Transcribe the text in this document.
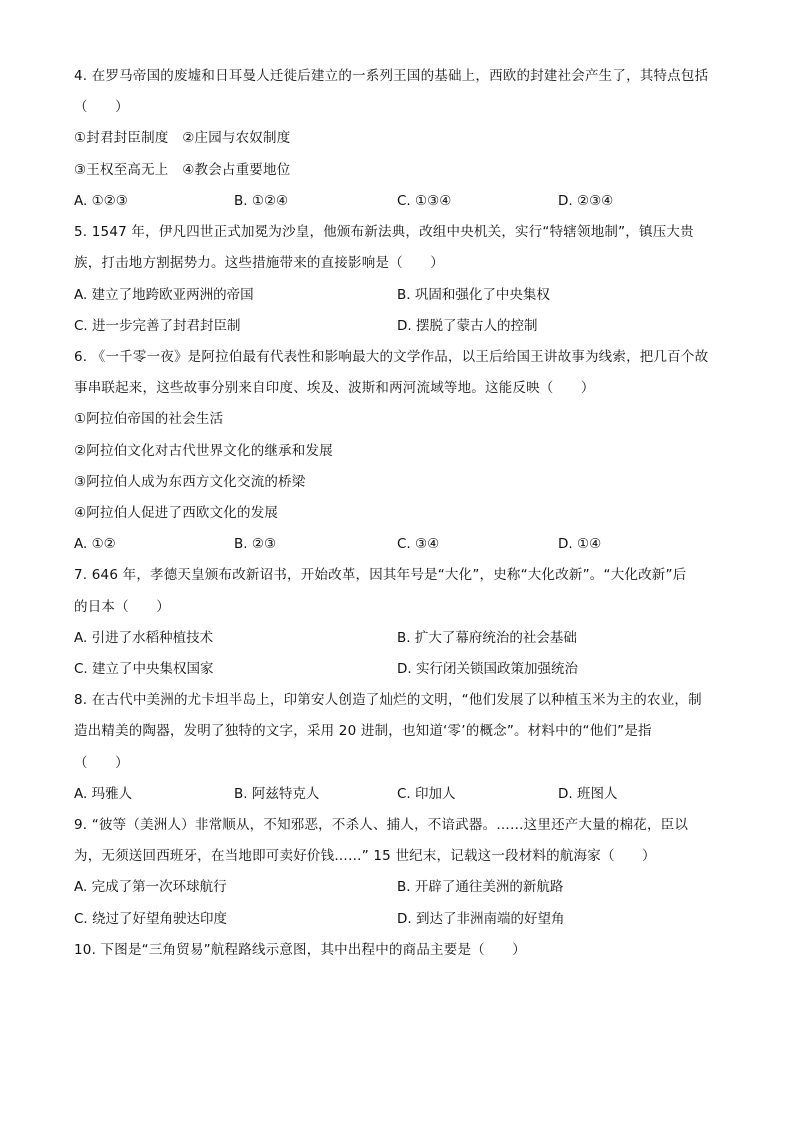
4. 在罗马帝国的废墟和日耳曼人迁徙后建立的一系列王国的基础上，西欧的封建社会产生了，其特点包括
（　　）
①封君封臣制度　②庄园与农奴制度
③王权至高无上　④教会占重要地位
A. ①②③	B. ①②④	C. ①③④	D. ②③④
5. 1547 年，伊凡四世正式加冕为沙皇，他颁布新法典，改组中央机关，实行“特辖领地制”，镇压大贵
族，打击地方割据势力。这些措施带来的直接影响是（　　）
A. 建立了地跨欧亚两洲的帝国	B. 巩固和强化了中央集权
C. 进一步完善了封君封臣制	D. 摆脱了蒙古人的控制
6. 《一千零一夜》是阿拉伯最有代表性和影响最大的文学作品，以王后给国王讲故事为线索，把几百个故
事串联起来，这些故事分别来自印度、埃及、波斯和两河流域等地。这能反映（　　）
①阿拉伯帝国的社会生活
②阿拉伯文化对古代世界文化的继承和发展
③阿拉伯人成为东西方文化交流的桥梁
④阿拉伯人促进了西欧文化的发展
A. ①②	B. ②③	C. ③④	D. ①④
7. 646 年，孝德天皇颁布改新诏书，开始改革，因其年号是“大化”，史称“大化改新”。“大化改新”后
的日本（　　）
A. 引进了水稻种植技术	B. 扩大了幕府统治的社会基础
C. 建立了中央集权国家	D. 实行闭关锁国政策加强统治
8. 在古代中美洲的尤卡坦半岛上，印第安人创造了灿烂的文明，“他们发展了以种植玉米为主的农业，制
造出精美的陶器，发明了独特的文字，采用 20 进制，也知道‘零’的概念”。材料中的“他们”是指
（　　）
A. 玛雅人	B. 阿兹特克人	C. 印加人	D. 班图人
9. “彼等（美洲人）非常顺从，不知邪恶，不杀人、捕人，不谙武器。……这里还产大量的棉花，臣以
为，无须送回西班牙，在当地即可卖好价钱……” 15 世纪末，记载这一段材料的航海家（　　）
A. 完成了第一次环球航行	B. 开辟了通往美洲的新航路
C. 绕过了好望角驶达印度	D. 到达了非洲南端的好望角
10. 下图是“三角贸易”航程路线示意图，其中出程中的商品主要是（　　）
